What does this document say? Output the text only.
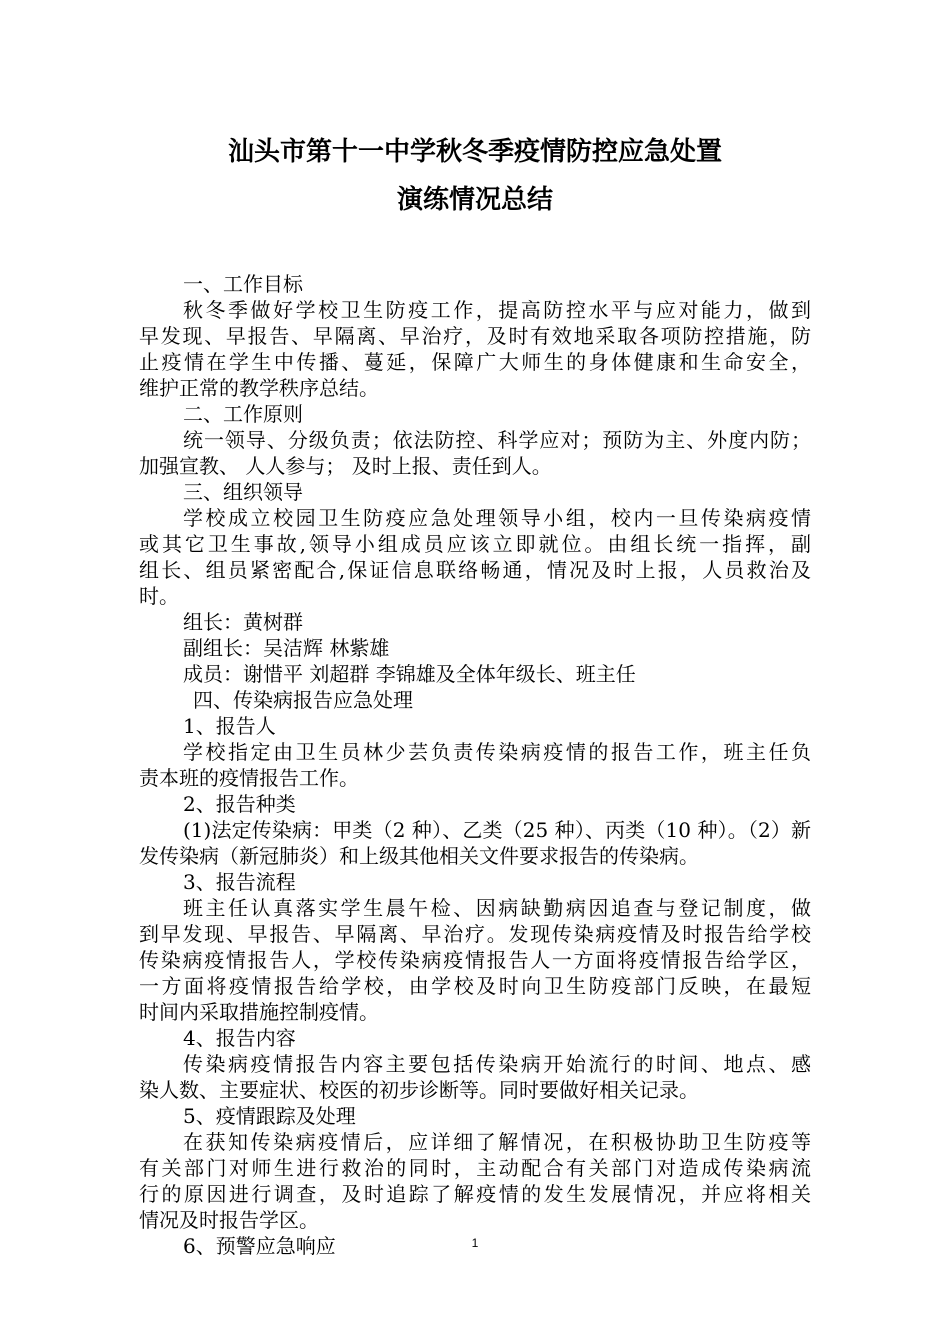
汕头市第十一中学秋冬季疫情防控应急处置
演练情况总结
一、工作目标
秋冬季做好学校卫生防疫工作，提高防控水平与应对能力，做到
早发现、早报告、早隔离、早治疗，及时有效地采取各项防控措施，防
止疫情在学生中传播、蔓延，保障广大师生的身体健康和生命安全，
维护正常的教学秩序总结。
二、工作原则
统一领导、分级负责；依法防控、科学应对；预防为主、外度内防；
加强宣教、 人人参与； 及时上报、责任到人。
三、组织领导
学校成立校园卫生防疫应急处理领导小组，校内一旦传染病疫情
或其它卫生事故,领导小组成员应该立即就位。由组长统一指挥，副
组长、组员紧密配合,保证信息联络畅通，情况及时上报，人员救治及
时。
组长：黄树群
副组长：吴洁辉 林紫雄
成员：谢惜平 刘超群 李锦雄及全体年级长、班主任
四、传染病报告应急处理
1、报告人
学校指定由卫生员林少芸负责传染病疫情的报告工作，班主任负
责本班的疫情报告工作。
2、报告种类
(1)法定传染病：甲类（2 种）、乙类（25 种）、丙类（10 种）。（2）新
发传染病（新冠肺炎）和上级其他相关文件要求报告的传染病。
3、报告流程
班主任认真落实学生晨午检、因病缺勤病因追查与登记制度，做
到早发现、早报告、早隔离、早治疗。发现传染病疫情及时报告给学校
传染病疫情报告人，学校传染病疫情报告人一方面将疫情报告给学区，
一方面将疫情报告给学校，由学校及时向卫生防疫部门反映，在最短
时间内采取措施控制疫情。
4、报告内容
传染病疫情报告内容主要包括传染病开始流行的时间、地点、感
染人数、主要症状、校医的初步诊断等。同时要做好相关记录。
5、疫情跟踪及处理
在获知传染病疫情后，应详细了解情况，在积极协助卫生防疫等
有关部门对师生进行救治的同时，主动配合有关部门对造成传染病流
行的原因进行调查，及时追踪了解疫情的发生发展情况，并应将相关
情况及时报告学区。
6、预警应急响应	1
